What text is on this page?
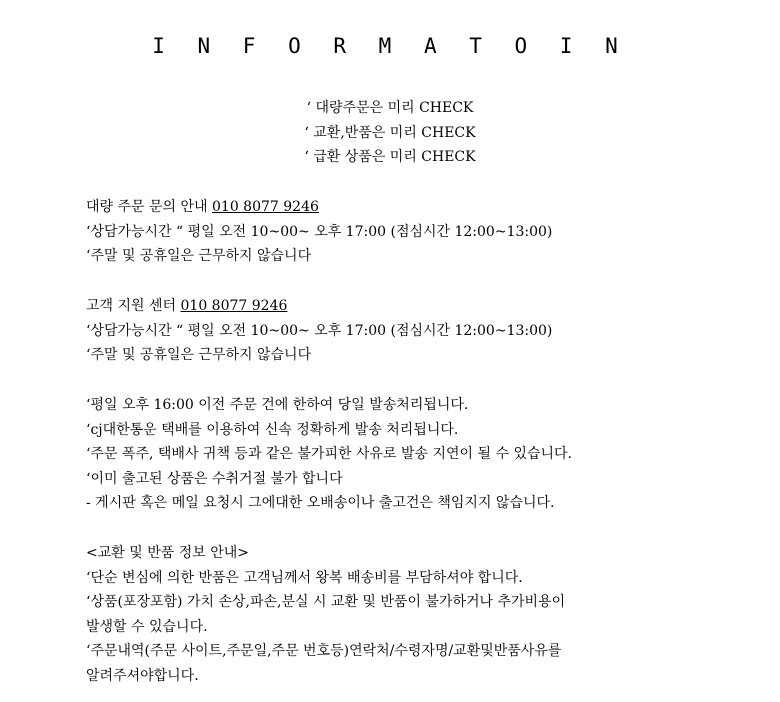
I N F O R M A T O I N
‘ 대량주문은 미리 CHECK
‘ 교환,반품은 미리 CHECK
‘ 급환 상품은 미리 CHECK
대량 주문 문의 안내 010 8077 9246
‘상담가능시간 “ 평일 오전 10~00~ 오후 17:00 (점심시간 12:00~13:00)
‘주말 및 공휴일은 근무하지 않습니다
고객 지원 센터 010 8077 9246
‘상담가능시간 “ 평일 오전 10~00~ 오후 17:00 (점심시간 12:00~13:00)
‘주말 및 공휴일은 근무하지 않습니다
‘평일 오후 16:00 이전 주문 건에 한하여 당일 발송처리됩니다.
‘cj대한통운 택배를 이용하여 신속 정확하게 발송 처리됩니다.
‘주문 폭주, 택배사 귀책 등과 같은 불가피한 사유로 발송 지연이 될 수 있습니다.
‘이미 출고된 상품은 수취거절 불가 합니다
- 게시판 혹은 메일 요청시 그에대한 오배송이나 출고건은 책임지지 않습니다.
<교환 및 반품 정보 안내>
‘단순 변심에 의한 반품은 고객님께서 왕복 배송비를 부담하셔야 합니다.
‘상품(포장포함) 가치 손상,파손,분실 시 교환 및 반품이 불가하거나 추가비용이
발생할 수 있습니다.
‘주문내역(주문 사이트,주문일,주문 번호등)연락처/수령자명/교환및반품사유를
알려주셔야합니다.
